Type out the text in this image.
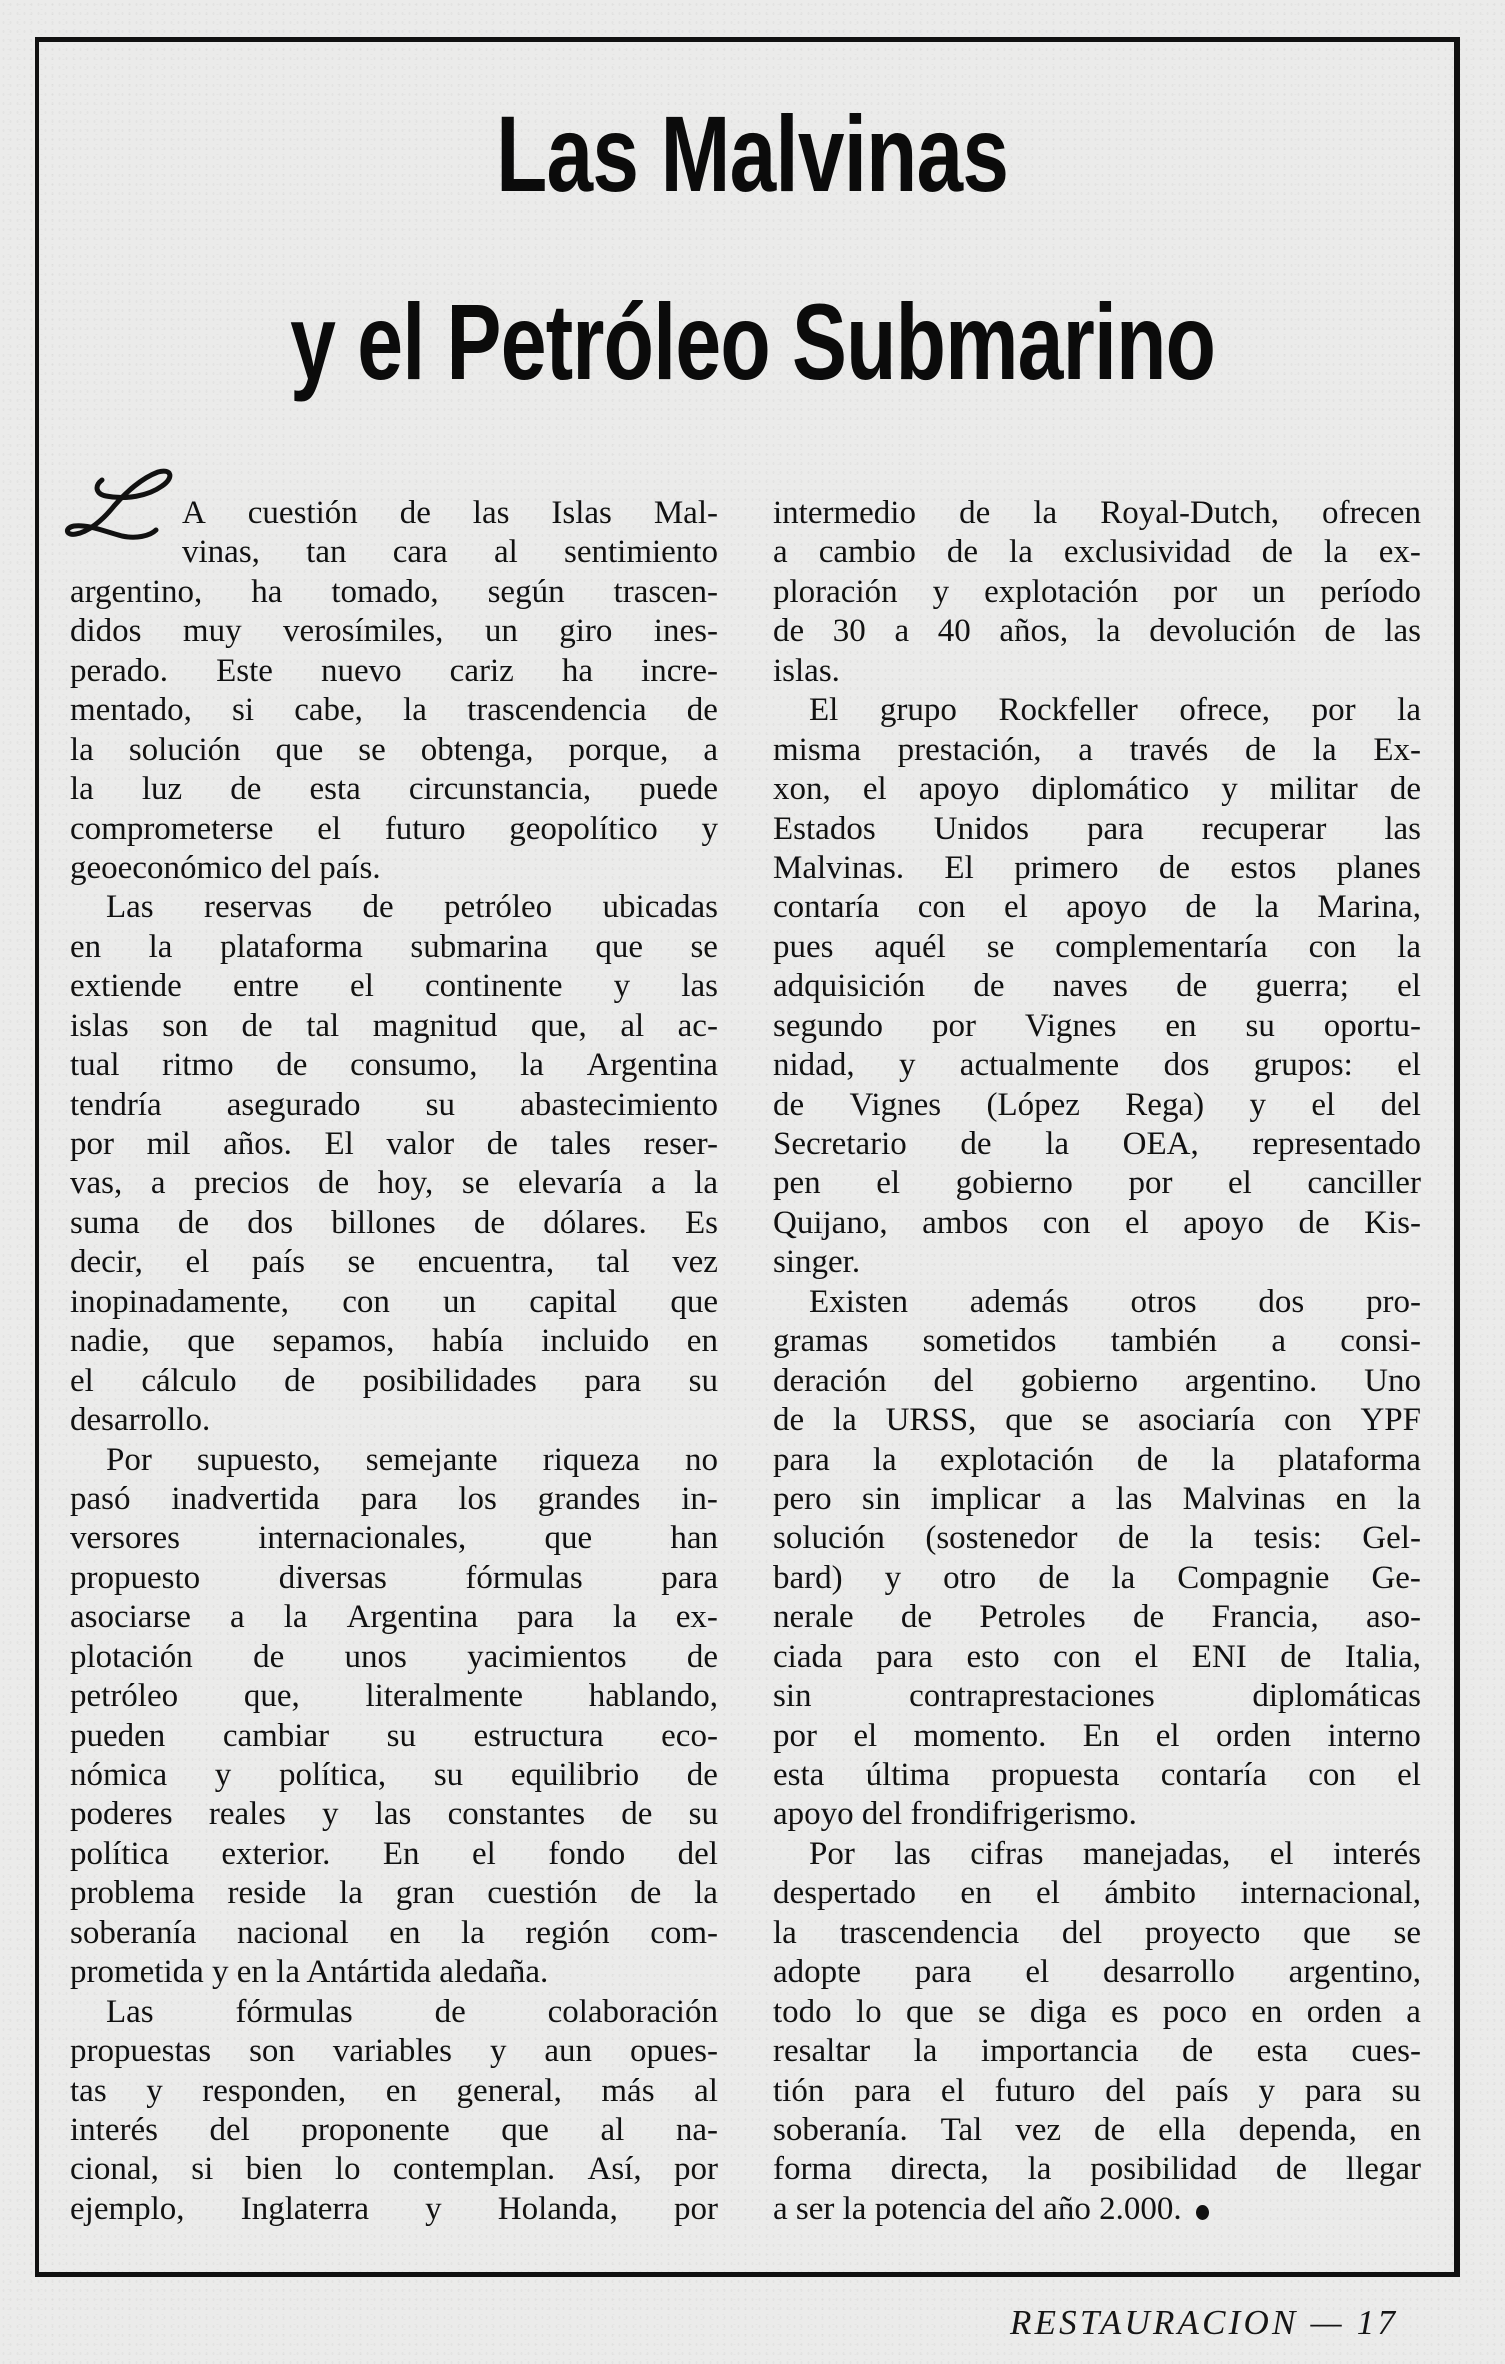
Las Malvinas
y el Petróleo Submarino
A cuestión de las Islas Mal-
vinas, tan cara al sentimiento
argentino, ha tomado, según trascen-
didos muy verosímiles, un giro ines-
perado. Este nuevo cariz ha incre-
mentado, si cabe, la trascendencia de
la solución que se obtenga, porque, a
la luz de esta circunstancia, puede
comprometerse el futuro geopolítico y
geoeconómico del país.
Las reservas de petróleo ubicadas
en la plataforma submarina que se
extiende entre el continente y las
islas son de tal magnitud que, al ac-
tual ritmo de consumo, la Argentina
tendría asegurado su abastecimiento
por mil años. El valor de tales reser-
vas, a precios de hoy, se elevaría a la
suma de dos billones de dólares. Es
decir, el país se encuentra, tal vez
inopinadamente, con un capital que
nadie, que sepamos, había incluido en
el cálculo de posibilidades para su
desarrollo.
Por supuesto, semejante riqueza no
pasó inadvertida para los grandes in-
versores internacionales, que han
propuesto diversas fórmulas para
asociarse a la Argentina para la ex-
plotación de unos yacimientos de
petróleo que, literalmente hablando,
pueden cambiar su estructura eco-
nómica y política, su equilibrio de
poderes reales y las constantes de su
política exterior. En el fondo del
problema reside la gran cuestión de la
soberanía nacional en la región com-
prometida y en la Antártida aledaña.
Las fórmulas de colaboración
propuestas son variables y aun opues-
tas y responden, en general, más al
interés del proponente que al na-
cional, si bien lo contemplan. Así, por
ejemplo, Inglaterra y Holanda, por
intermedio de la Royal-Dutch, ofrecen
a cambio de la exclusividad de la ex-
ploración y explotación por un período
de 30 a 40 años, la devolución de las
islas.
El grupo Rockfeller ofrece, por la
misma prestación, a través de la Ex-
xon, el apoyo diplomático y militar de
Estados Unidos para recuperar las
Malvinas. El primero de estos planes
contaría con el apoyo de la Marina,
pues aquél se complementaría con la
adquisición de naves de guerra; el
segundo por Vignes en su oportu-
nidad, y actualmente dos grupos: el
de Vignes (López Rega) y el del
Secretario de la OEA, representado
pen el gobierno por el canciller
Quijano, ambos con el apoyo de Kis-
singer.
Existen además otros dos pro-
gramas sometidos también a consi-
deración del gobierno argentino. Uno
de la URSS, que se asociaría con YPF
para la explotación de la plataforma
pero sin implicar a las Malvinas en la
solución (sostenedor de la tesis: Gel-
bard) y otro de la Compagnie Ge-
nerale de Petroles de Francia, aso-
ciada para esto con el ENI de Italia,
sin	contraprestaciones	diplomáticas
por el momento. En el orden interno
esta última propuesta contaría con el
apoyo del frondifrigerismo.
Por las cifras manejadas, el interés
despertado en el ámbito internacional,
la trascendencia del proyecto que se
adopte para el desarrollo argentino,
todo lo que se diga es poco en orden a
resaltar la importancia de esta cues-
tión para el futuro del país y para su
soberanía. Tal vez de ella dependa, en
forma directa, la posibilidad de llegar
a ser la potencia del año 2.000.
RESTAURACION — 17
